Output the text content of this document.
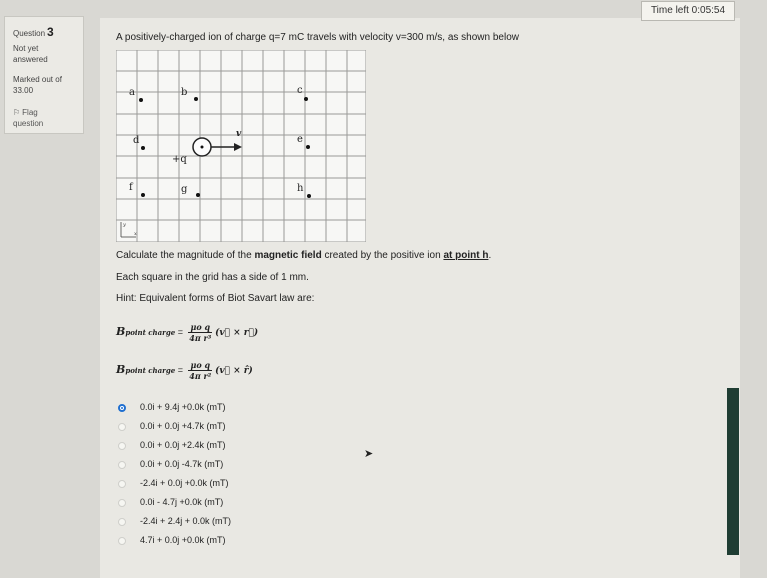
Time left 0:05:54
Question 3
Not yet
answered
Marked out of
33.00
⚐ Flag
question
A positively-charged ion of charge q=7 mC travels with velocity v=300 m/s, as shown below
a	b	c
d	e
f	g	h
v
+q
y
x
Calculate the magnitude of the magnetic field created by the positive ion at point h.
Each square in the grid has a side of 1 mm.
Hint: Equivalent forms of Biot Savart law are:
Bpoint charge = $\frac{\text{μo q}}{\text{4π r³}}$ (v⃗ × r⃗)
Bpoint charge = $\frac{\text{μo q}}{\text{4π r²}}$ (v⃗ × r̂)
0.0i + 9.4j +0.0k (mT)
0.0i + 0.0j +4.7k (mT)
0.0i + 0.0j +2.4k (mT)
0.0i + 0.0j -4.7k (mT)
-2.4i + 0.0j +0.0k (mT)
0.0i - 4.7j +0.0k (mT)
-2.4i + 2.4j + 0.0k (mT)
4.7i + 0.0j +0.0k (mT)
➤
